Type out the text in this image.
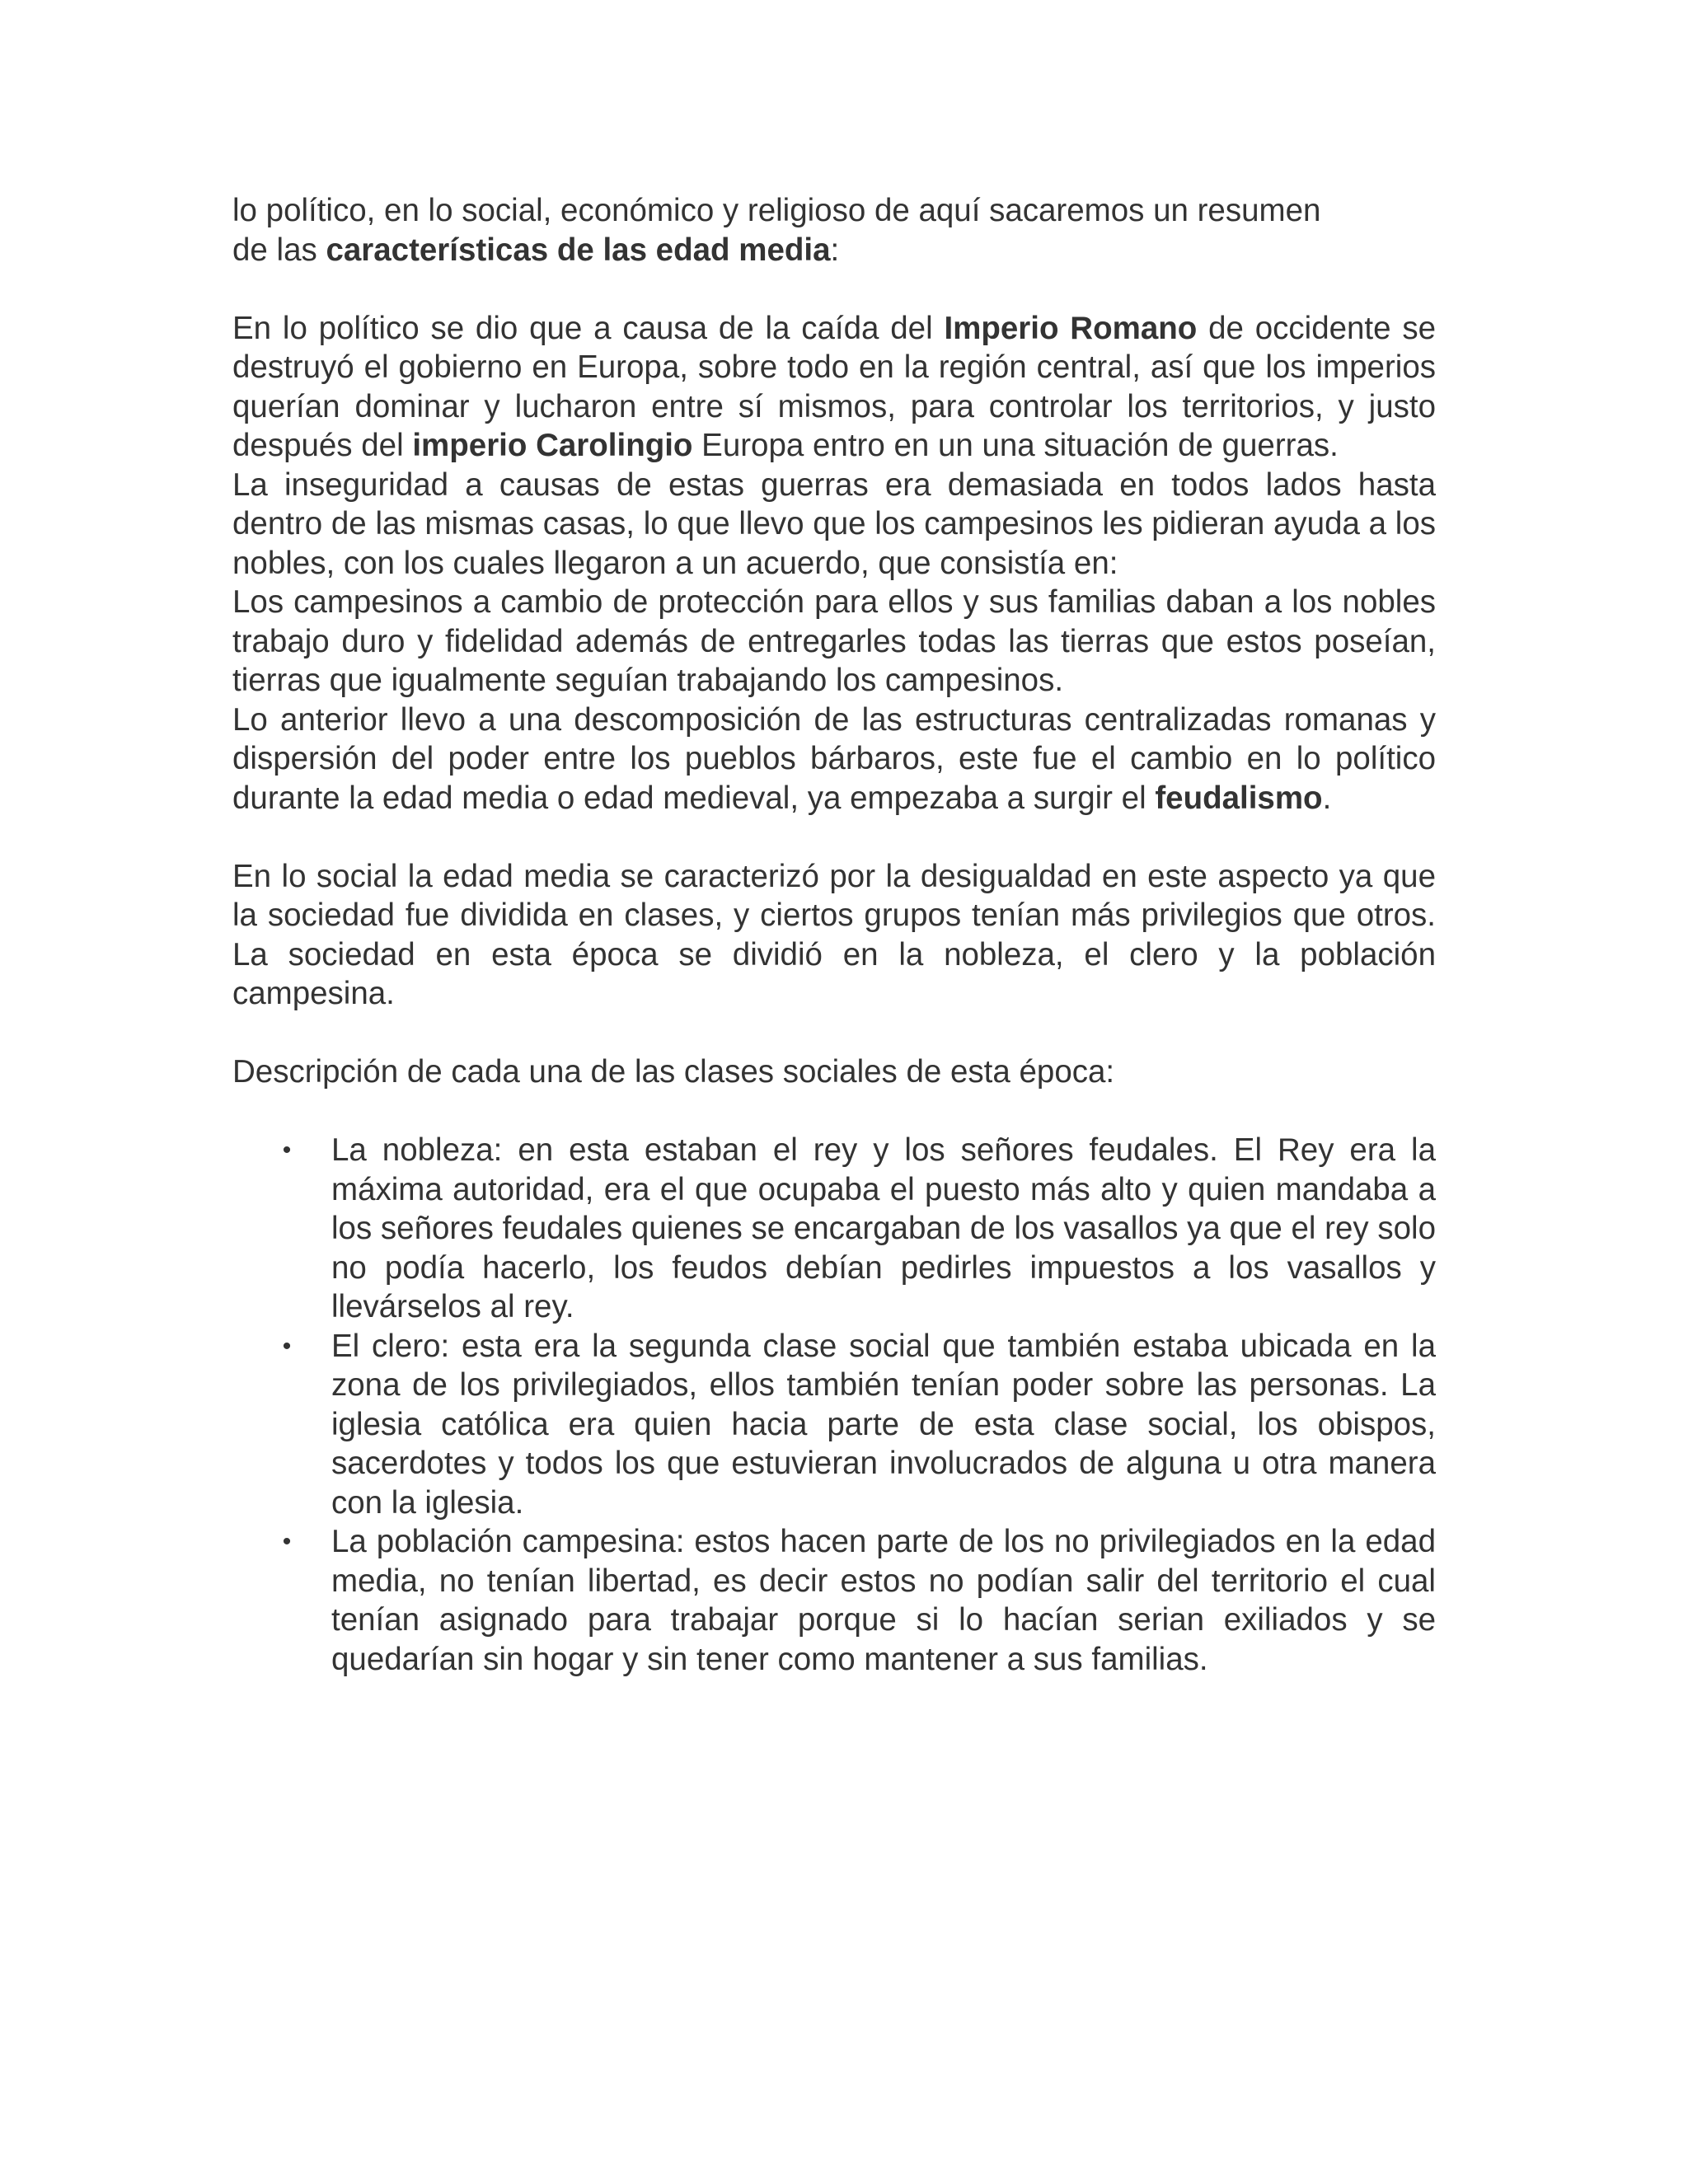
lo político, en lo social, económico y religioso de aquí sacaremos un resumen
de las características de las edad media:

En lo político se dio que a causa de la caída del Imperio Romano de occidente se destruyó el gobierno en Europa, sobre todo en la región central, así que los imperios querían dominar y lucharon entre sí mismos, para controlar los territorios, y justo después del imperio Carolingio Europa entro en un una situación de guerras.

La inseguridad a causas de estas guerras era demasiada en todos lados hasta dentro de las mismas casas, lo que llevo que los campesinos les pidieran ayuda a los nobles, con los cuales llegaron a un acuerdo, que consistía en:

Los campesinos a cambio de protección para ellos y sus familias daban a los nobles trabajo duro y fidelidad además de entregarles todas las tierras que estos poseían, tierras que igualmente seguían trabajando los campesinos.

Lo anterior llevo a una descomposición de las estructuras centralizadas romanas y dispersión del poder entre los pueblos bárbaros, este fue el cambio en lo político durante la edad media o edad medieval, ya empezaba a surgir el feudalismo.

En lo social la edad media se caracterizó por la desigualdad en este aspecto ya que la sociedad fue dividida en clases, y ciertos grupos tenían más privilegios que otros. La sociedad en esta época se dividió en la nobleza, el clero y la población campesina.

Descripción de cada una de las clases sociales de esta época:

• La nobleza: en esta estaban el rey y los señores feudales. El Rey era la máxima autoridad, era el que ocupaba el puesto más alto y quien mandaba a los señores feudales quienes se encargaban de los vasallos ya que el rey solo no podía hacerlo, los feudos debían pedirles impuestos a los vasallos y llevárselos al rey.
• El clero: esta era la segunda clase social que también estaba ubicada en la zona de los privilegiados, ellos también tenían poder sobre las personas. La iglesia católica era quien hacia parte de esta clase social, los obispos, sacerdotes y todos los que estuvieran involucrados de alguna u otra manera con la iglesia.
• La población campesina: estos hacen parte de los no privilegiados en la edad media, no tenían libertad, es decir estos no podían salir del territorio el cual tenían asignado para trabajar porque si lo hacían serian exiliados y se quedarían sin hogar y sin tener como mantener a sus familias.
